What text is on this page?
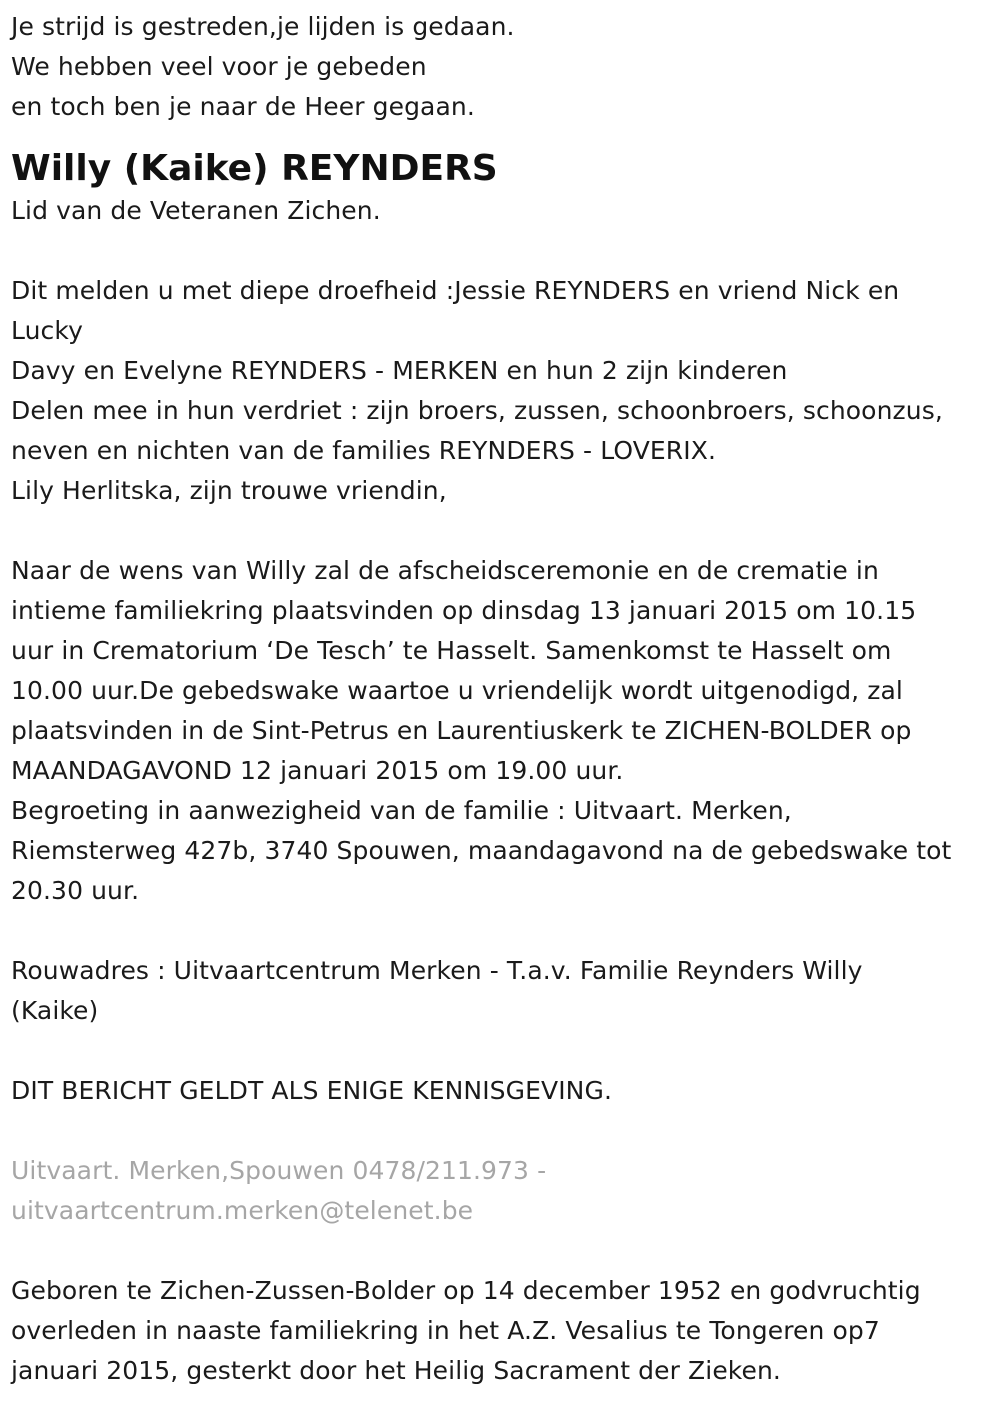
Je strijd is gestreden,je lijden is gedaan.
We hebben veel voor je gebeden
en toch ben je naar de Heer gegaan.
Willy (Kaike) REYNDERS
Lid van de Veteranen Zichen.
Dit melden u met diepe droefheid :Jessie REYNDERS en vriend Nick en
Lucky
Davy en Evelyne REYNDERS - MERKEN en hun 2 zijn kinderen
Delen mee in hun verdriet : zijn broers, zussen, schoonbroers, schoonzus,
neven en nichten van de families REYNDERS - LOVERIX.
Lily Herlitska, zijn trouwe vriendin,
Naar de wens van Willy zal de afscheidsceremonie en de crematie in
intieme familiekring plaatsvinden op dinsdag 13 januari 2015 om 10.15
uur in Crematorium ‘De Tesch’ te Hasselt. Samenkomst te Hasselt om
10.00 uur.De gebedswake waartoe u vriendelijk wordt uitgenodigd, zal
plaatsvinden in de Sint-Petrus en Laurentiuskerk te ZICHEN-BOLDER op
MAANDAGAVOND 12 januari 2015 om 19.00 uur.
Begroeting in aanwezigheid van de familie : Uitvaart. Merken,
Riemsterweg 427b, 3740 Spouwen, maandagavond na de gebedswake tot
20.30 uur.
Rouwadres : Uitvaartcentrum Merken - T.a.v. Familie Reynders Willy
(Kaike)
DIT BERICHT GELDT ALS ENIGE KENNISGEVING.
Uitvaart. Merken,Spouwen 0478/211.973 -
uitvaartcentrum.merken@telenet.be
Geboren te Zichen-Zussen-Bolder op 14 december 1952 en godvruchtig
overleden in naaste familiekring in het A.Z. Vesalius te Tongeren op7
januari 2015, gesterkt door het Heilig Sacrament der Zieken.
